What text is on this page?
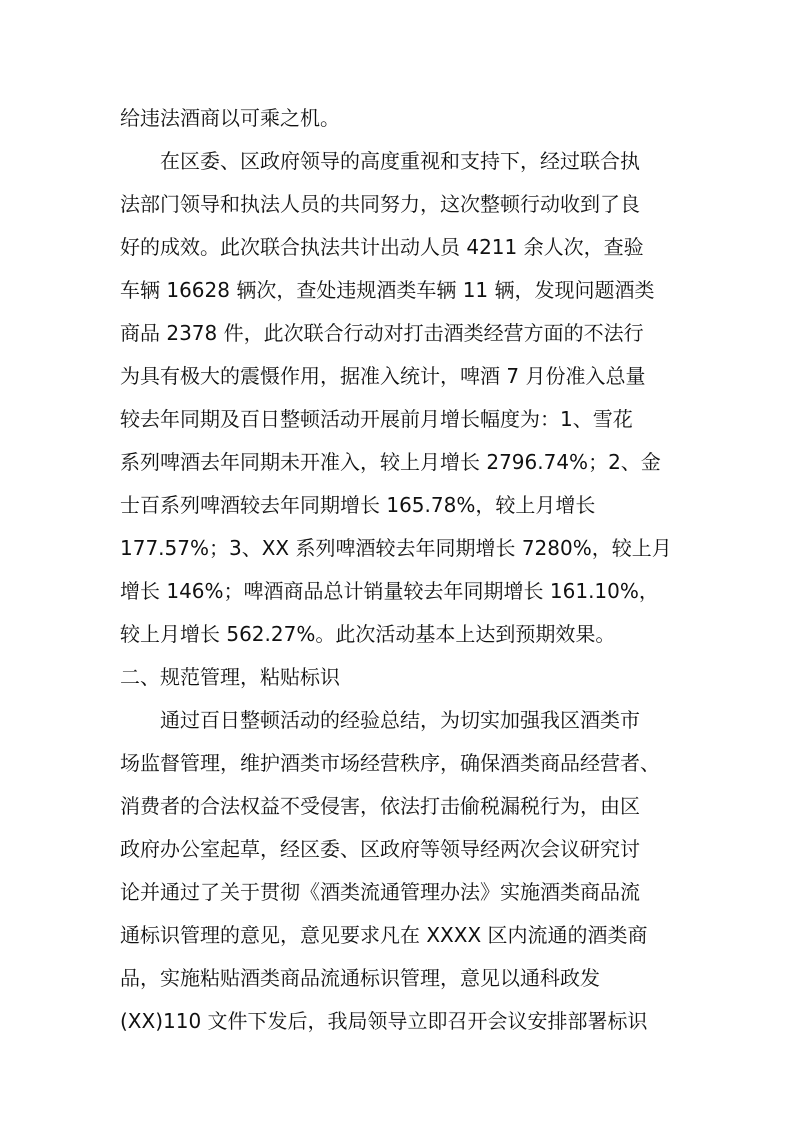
给违法酒商以可乘之机。
在区委、区政府领导的高度重视和支持下，经过联合执
法部门领导和执法人员的共同努力，这次整顿行动收到了良
好的成效。此次联合执法共计出动人员 4211 余人次，查验
车辆 16628 辆次，查处违规酒类车辆 11 辆，发现问题酒类
商品 2378 件，此次联合行动对打击酒类经营方面的不法行
为具有极大的震慑作用，据准入统计，啤酒 7 月份准入总量
较去年同期及百日整顿活动开展前月增长幅度为：1、雪花
系列啤酒去年同期未开准入，较上月增长 2796.74%；2、金
士百系列啤酒较去年同期增长 165.78%，较上月增长
177.57%；3、XX 系列啤酒较去年同期增长 7280%，较上月
增长 146%；啤酒商品总计销量较去年同期增长 161.10%，
较上月增长 562.27%。此次活动基本上达到预期效果。
二、规范管理，粘贴标识
通过百日整顿活动的经验总结，为切实加强我区酒类市
场监督管理，维护酒类市场经营秩序，确保酒类商品经营者、
消费者的合法权益不受侵害，依法打击偷税漏税行为，由区
政府办公室起草，经区委、区政府等领导经两次会议研究讨
论并通过了关于贯彻《酒类流通管理办法》实施酒类商品流
通标识管理的意见，意见要求凡在 XXXX 区内流通的酒类商
品，实施粘贴酒类商品流通标识管理，意见以通科政发
(XX)110 文件下发后，我局领导立即召开会议安排部署标识
